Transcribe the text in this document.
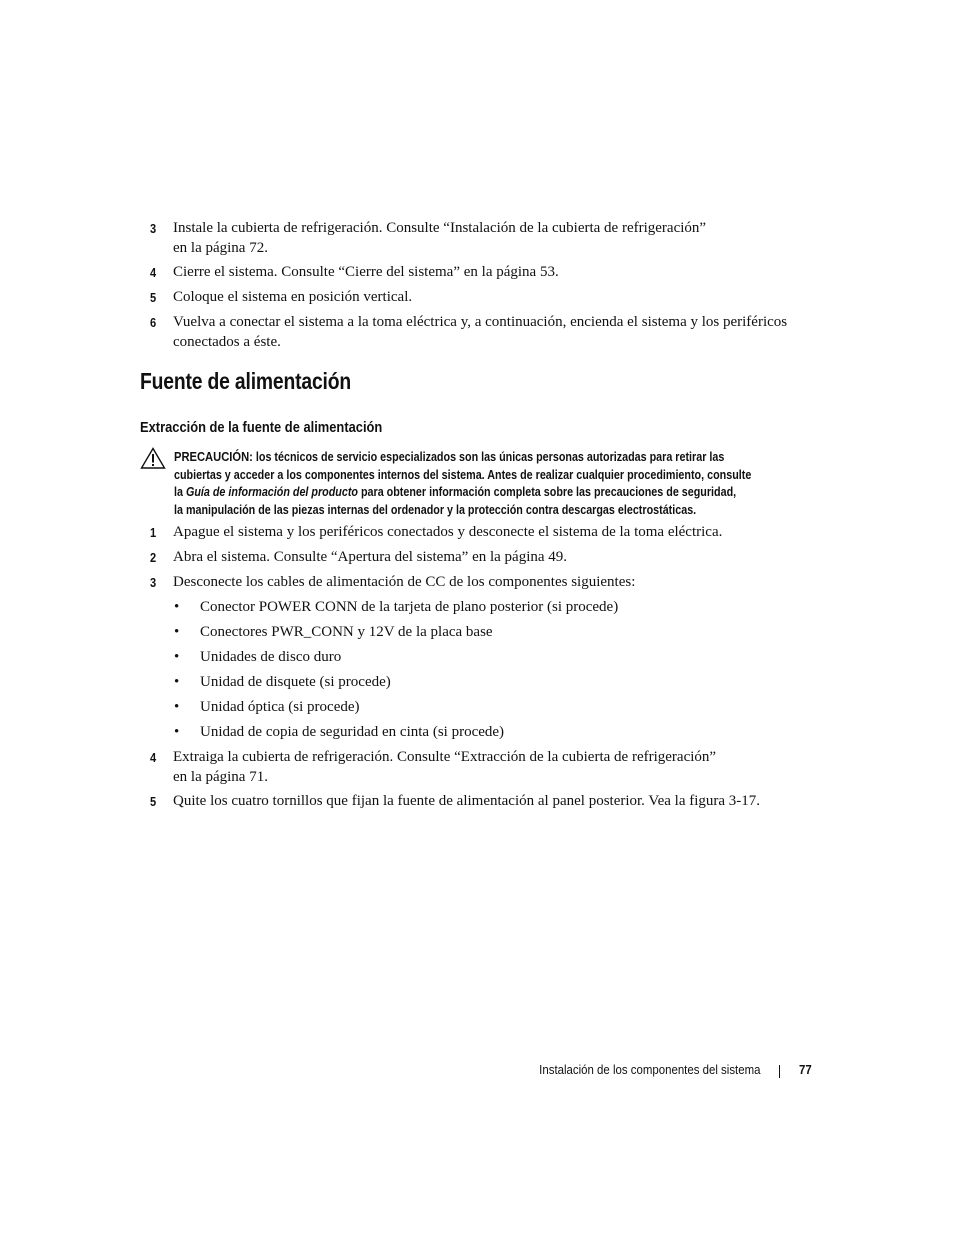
3 Instale la cubierta de refrigeración. Consulte “Instalación de la cubierta de refrigeración”
en la página 72.
4 Cierre el sistema. Consulte “Cierre del sistema” en la página 53.
5 Coloque el sistema en posición vertical.
6 Vuelva a conectar el sistema a la toma eléctrica y, a continuación, encienda el sistema y los periféricos
conectados a éste.
Fuente de alimentación
Extracción de la fuente de alimentación
PRECAUCIÓN: los técnicos de servicio especializados son las únicas personas autorizadas para retirar las
cubiertas y acceder a los componentes internos del sistema. Antes de realizar cualquier procedimiento, consulte
la Guía de información del producto para obtener información completa sobre las precauciones de seguridad,
la manipulación de las piezas internas del ordenador y la protección contra descargas electrostáticas.
1 Apague el sistema y los periféricos conectados y desconecte el sistema de la toma eléctrica.
2 Abra el sistema. Consulte “Apertura del sistema” en la página 49.
3 Desconecte los cables de alimentación de CC de los componentes siguientes:
• Conector POWER CONN de la tarjeta de plano posterior (si procede)
• Conectores PWR_CONN y 12V de la placa base
• Unidades de disco duro
• Unidad de disquete (si procede)
• Unidad óptica (si procede)
• Unidad de copia de seguridad en cinta (si procede)
4 Extraiga la cubierta de refrigeración. Consulte “Extracción de la cubierta de refrigeración”
en la página 71.
5 Quite los cuatro tornillos que fijan la fuente de alimentación al panel posterior. Vea la figura 3-17.
Instalación de los componentes del sistema	77
